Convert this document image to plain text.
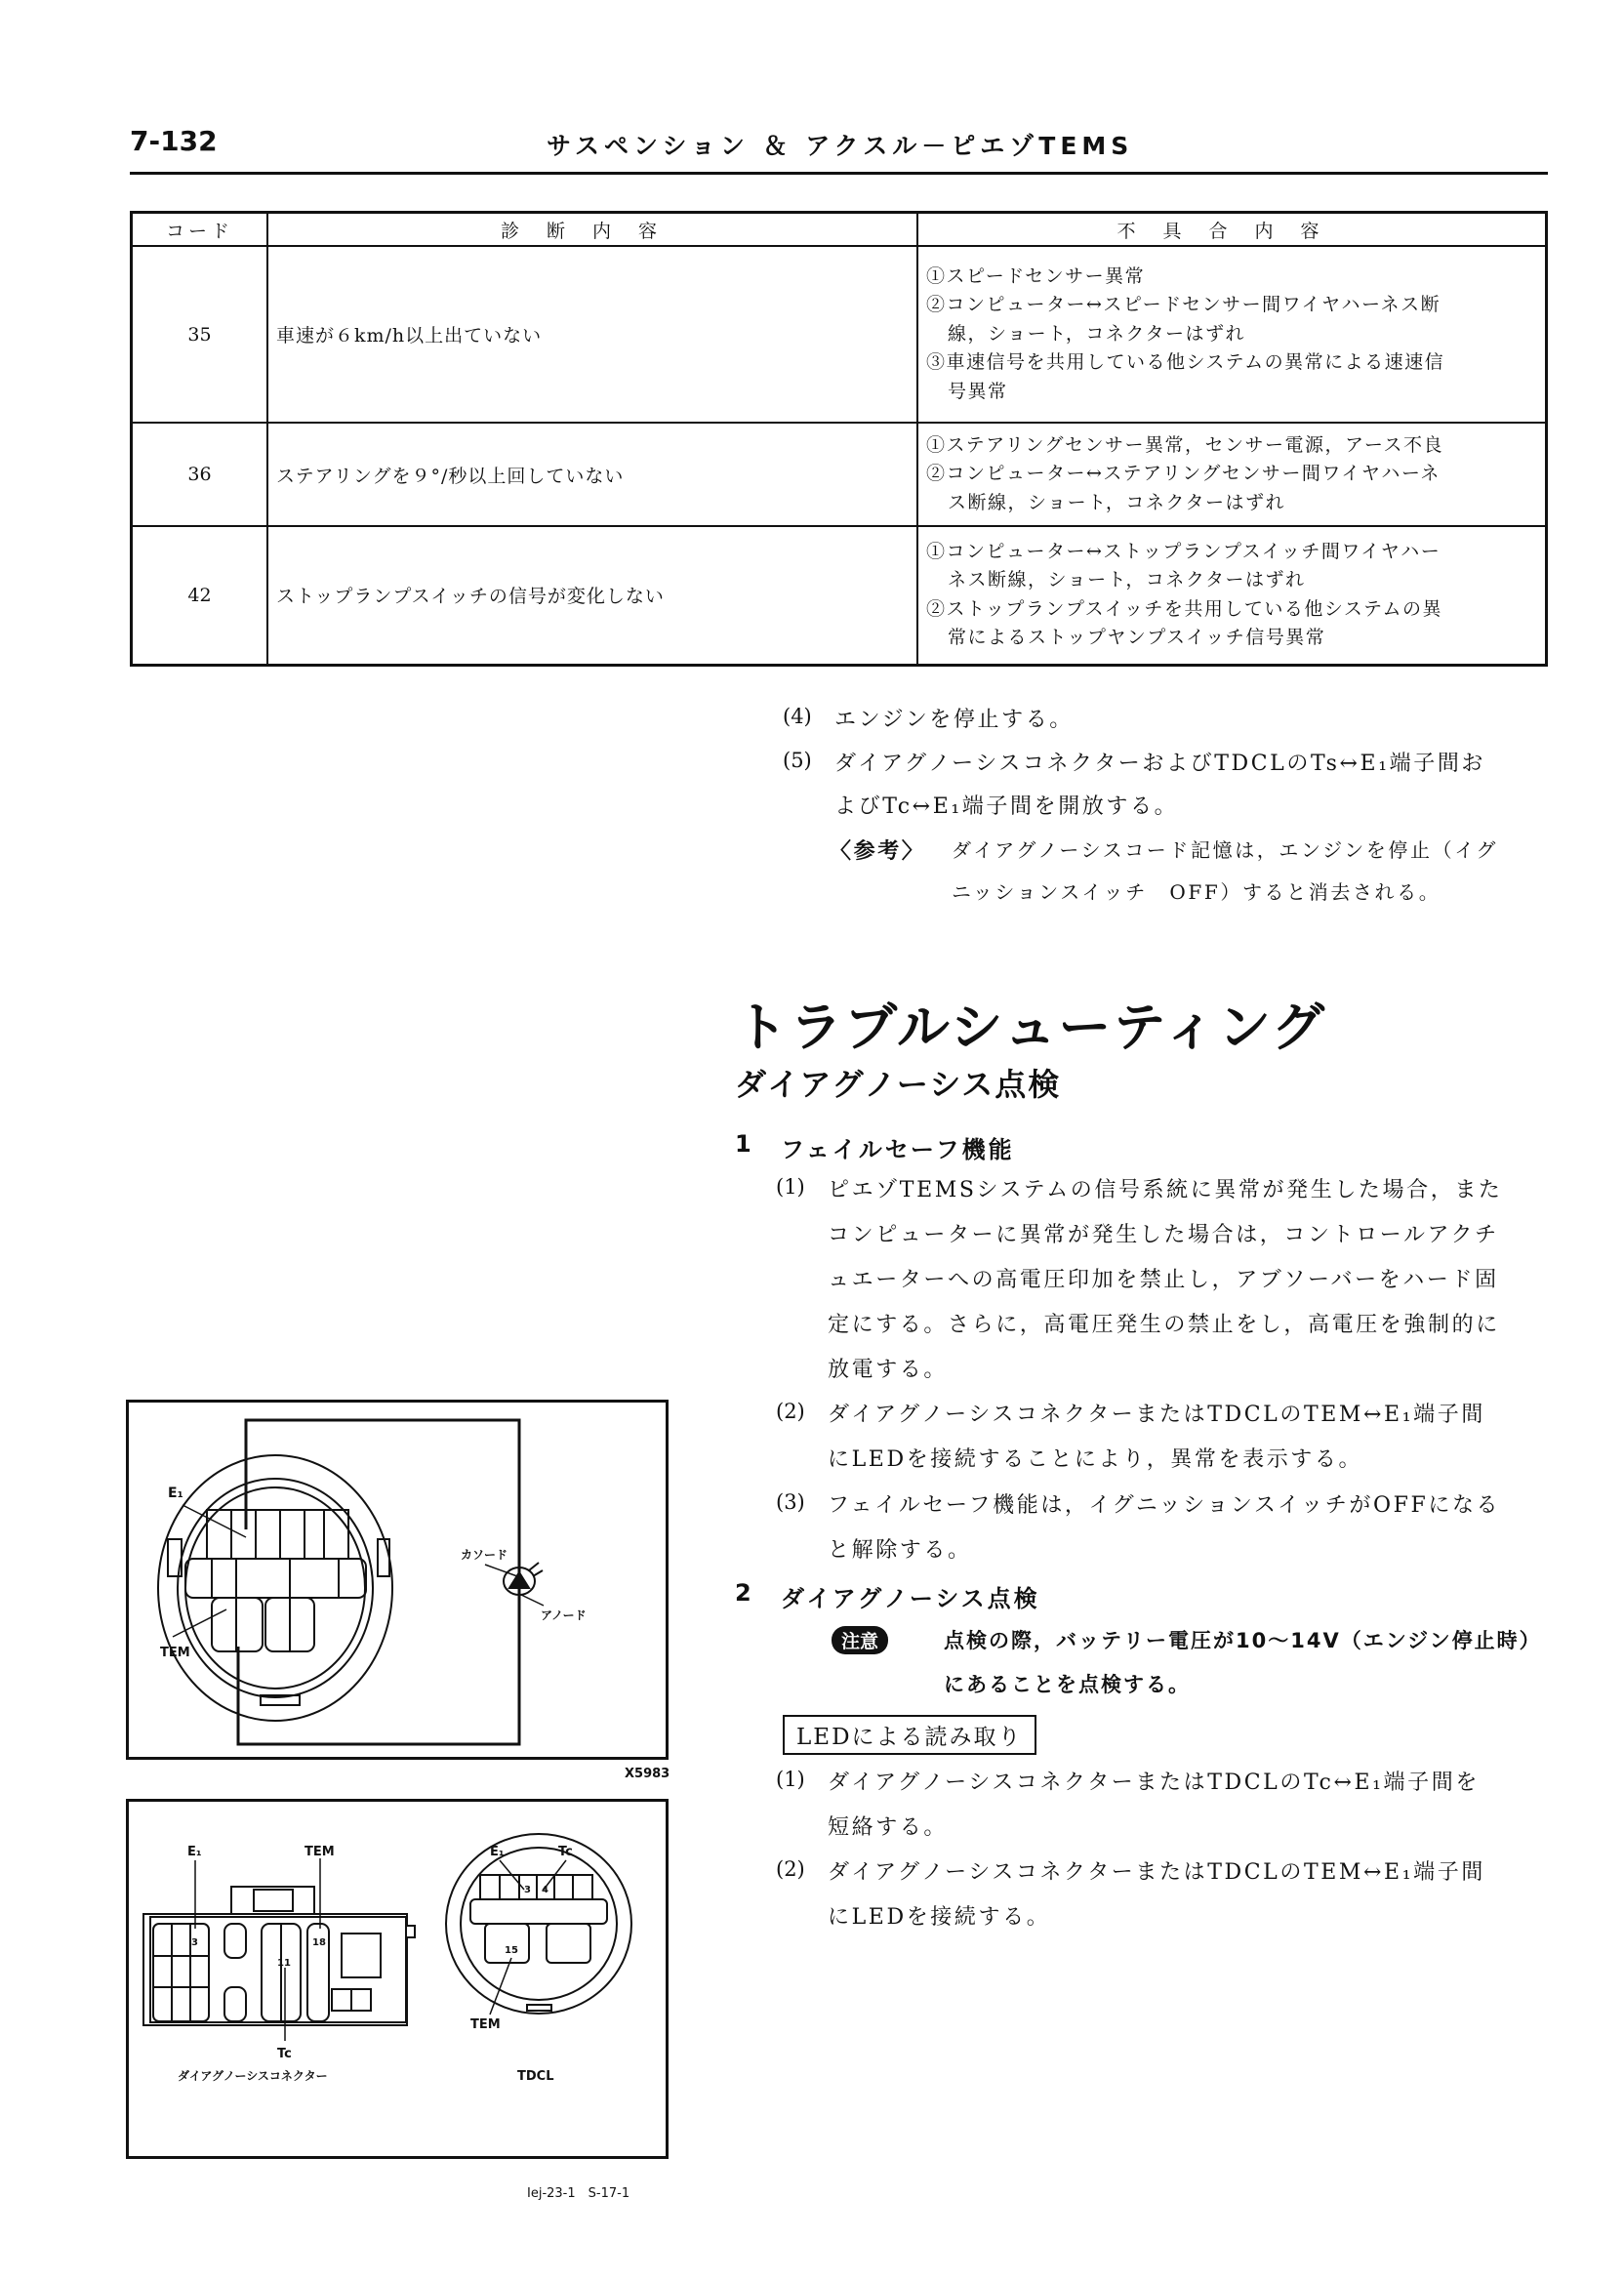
7-132	サスペンション ＆ アクスル－ピエゾTEMS
コード	診断内容	不具合内容
35	車速が６km/h以上出ていない	①スピードセンサー異常
②コンピューター↔スピードセンサー間ワイヤハーネス断
線，ショート，コネクターはずれ
③車速信号を共用している他システムの異常による速速信
号異常

36	ステアリングを９°/秒以上回していない	①ステアリングセンサー異常，センサー電源，アース不良
②コンピューター↔ステアリングセンサー間ワイヤハーネ
ス断線，ショート，コネクターはずれ

42	ストップランプスイッチの信号が変化しない	①コンピューター↔ストップランプスイッチ間ワイヤハー
ネス断線，ショート，コネクターはずれ
②ストップランプスイッチを共用している他システムの異
常によるストップヤンプスイッチ信号異常
(4) エンジンを停止する。
(5) ダイアグノーシスコネクターおよびTDCLのTs↔E₁端子間お
よびTc↔E₁端子間を開放する。
〈参考〉 ダイアグノーシスコード記憶は，エンジンを停止（イグ
ニッションスイッチ　OFF）すると消去される。
トラブルシューティング
ダイアグノーシス点検
1 フェイルセーフ機能
(1) ピエゾTEMSシステムの信号系統に異常が発生した場合，また
コンピューターに異常が発生した場合は，コントロールアクチ
ュエーターへの高電圧印加を禁止し，アブソーバーをハード固
定にする。さらに，高電圧発生の禁止をし，高電圧を強制的に
放電する。
(2) ダイアグノーシスコネクターまたはTDCLのTEM↔E₁端子間
にLEDを接続することにより，異常を表示する。
(3) フェイルセーフ機能は，イグニッションスイッチがOFFになる
と解除する。
2 ダイアグノーシス点検
注意	点検の際，バッテリー電圧が10～14V（エンジン停止時）
にあることを点検する。
LEDによる読み取り
(1) ダイアグノーシスコネクターまたはTDCLのTc↔E₁端子間を
短絡する。
(2) ダイアグノーシスコネクターまたはTDCLのTEM↔E₁端子間
にLEDを接続する。
E₁
TEM
カソード
アノード
X5983
E₁	TEM
3	18
11
Tc
E₁	Tc
3 4
15
TEM
ダイアグノーシスコネクター	TDCL
Iej-23-1　S-17-1
